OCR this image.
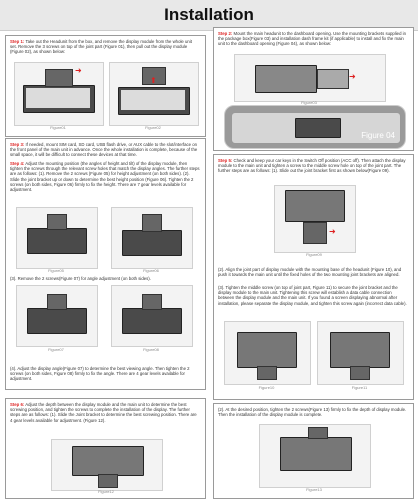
Installation
Step 1: Take out the Headunit from the box, and remove the display module from the whole unit set. Remove the 3 screws on top of the joint part (Figure 01), then pull out the display module (Figure 02), as shown below:
➜
⬆
Figure01	Figure02
Step 2: Mount the main headunit to the dashboard opening. Use the mounting brackets supplied in the package box(Figure 03) and installation dash frame kit (if applicable) to install and fix the main unit to the dashboard opening (Figure 04), as shown below:
➜
Figure03
Figure 04
Step 3: If needed, mount SIM card, SD card, USB flash drive, or AUX cable to the slot/interface on the front panel of the main unit in advance. Once the whole installation is complete, because of the small space, it will be difficult to connect these devices at that time.
Step 4: Adjust the mounting position (the angles of height and tilt) of the display module, then tighten the screws through the relevant screw holes that match the display angles. The further steps are as follows: (1). Remove the 2 screws (Figure 05) for height adjustment (on both sides). (2). Slide the joint bracket up or down to determine the best height position (Figure 06). Tighten the 2 screws (on both sides, Figure 06) firmly to fix the height. There are 7 gear levels available for adjustment.
Figure05	Figure06
(3). Remove the 2 screws(Figure 07) for angle adjustment (on both sides).
Figure07	Figure08
(4). Adjust the display angle(Figure 07) to determine the best viewing angle. Then tighten the 2 screws (on both sides, Figure 08) firmly to fix the angle. There are 4 gear levels available for adjustment.
Step 5: Check and keep your car keys in the Switch Off position (ACC off). Then attach the display module to the main unit and tighten a screw to the middle screw hole on top of the joint part. The further steps are as follows: (1). Slide out the joint bracket first as shown below(Figure 09).
➜
Figure09
(2). Align the joint part of display module with the mounting base of the headunit (Figure 10), and push it towards the main unit until the fixed holes of the two mounting joint brackets are aligned.
(3). Tighten the middle screw (on top of joint part, Figure 11) to secure the joint bracket and the display module to the main unit. Tightening this screw will establish a data cable connection between the display module and the main unit. If you found a screen displaying abnormal after installation, please separate the display module, and tighten this screw again (incorrect data cable).
Figure10	Figure11
Step 6: Adjust the depth between the display module and the main unit to determine the best screwing position, and tighten the screws to complete the installation of the display. The further steps are as follows: (1). Slide the Joint bracket to determine the best screwing position. There are 4 gear levels available for adjustment. (Figure 12).
Figure12
(2). At the desired position, tighten the 2 screws(Figure 13) firmly to fix the depth of display module. Then the installation of the display module is complete.
Figure13
